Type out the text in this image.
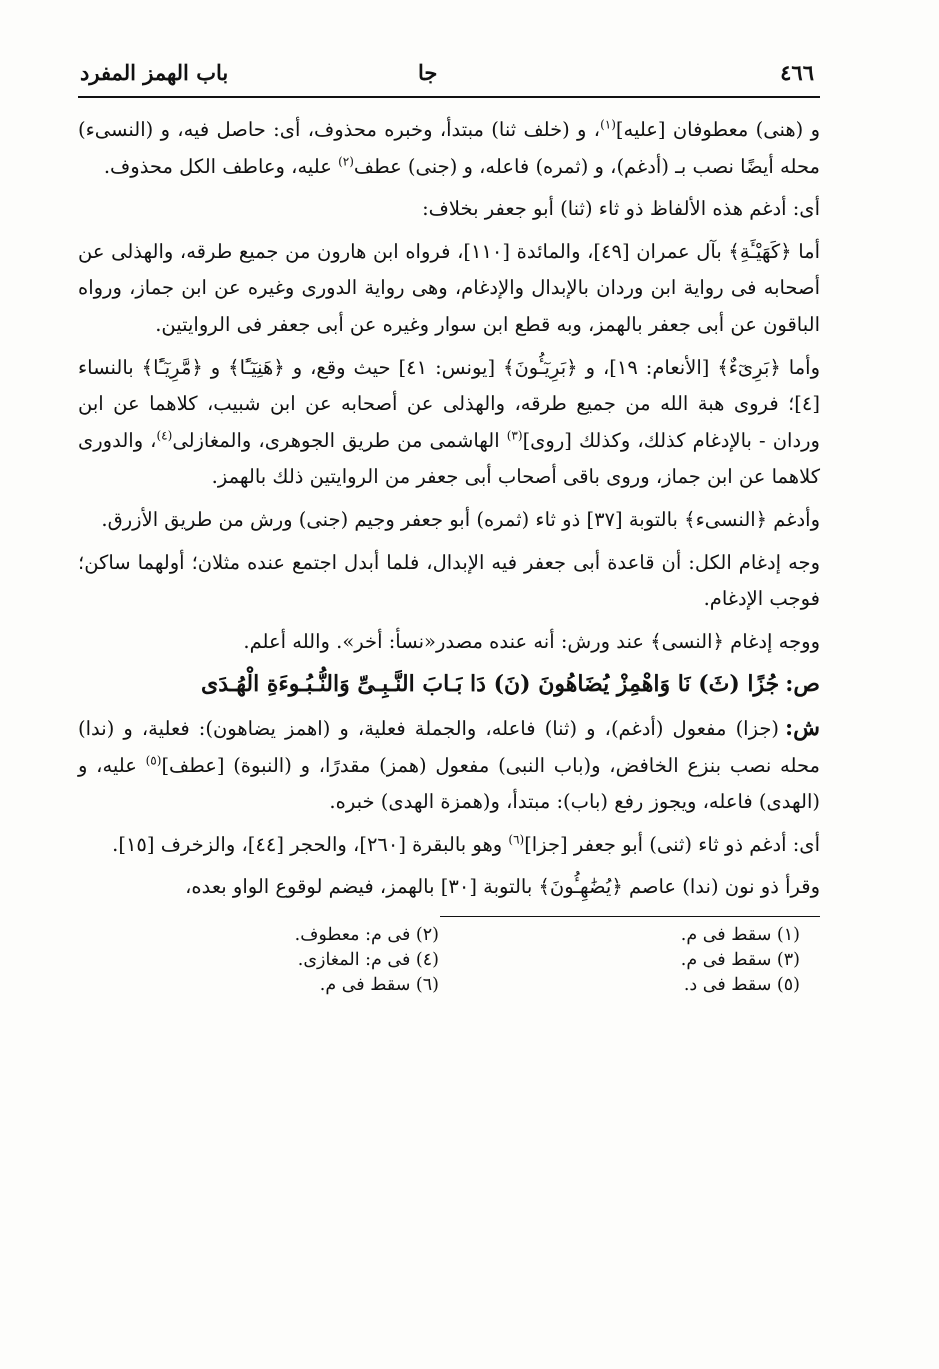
٤٦٦
جا
باب الهمز المفرد

و (هنى) معطوفان [عليه]$^{(١)}$، و (خلف ثنا) مبتدأ، وخبره محذوف، أى: حاصل فيه، و (النسىء) محله أيضًا نصب بـ (أدغم)، و (ثمره) فاعله، و (جنى) عطف$^{(٢)}$ عليه، وعاطف الكل محذوف.

أى: أدغم هذه الألفاظ ذو ثاء (ثنا) أبو جعفر بخلاف:

أما ﴿كَهَيْـَٔةِ﴾ بآل عمران [٤٩]، والمائدة [١١٠]، فرواه ابن هارون من جميع طرقه، والهذلى عن أصحابه فى رواية ابن وردان بالإبدال والإدغام، وهى رواية الدورى وغيره عن ابن جماز، ورواه الباقون عن أبى جعفر بالهمز، وبه قطع ابن سوار وغيره عن أبى جعفر فى الروايتين.

وأما ﴿بَرِىٓءٌ﴾ [الأنعام: ١٩]، و ﴿بَرِيٓـُٔونَ﴾ [يونس: ٤١] حيث وقع، و ﴿هَنِيٓـًٔا﴾ و ﴿مَّرِيٓـًٔا﴾ بالنساء [٤]؛ فروى هبة الله من جميع طرقه، والهذلى عن أصحابه عن ابن شبيب، كلاهما عن ابن وردان - بالإدغام كذلك، وكذلك [روى]$^{(٣)}$ الهاشمى من طريق الجوهرى، والمغازلى$^{(٤)}$، والدورى كلاهما عن ابن جماز، وروى باقى أصحاب أبى جعفر من الروايتين ذلك بالهمز.

وأدغم ﴿النسىء﴾ بالتوبة [٣٧] ذو ثاء (ثمره) أبو جعفر وجيم (جنى) ورش من طريق الأزرق.

وجه إدغام الكل: أن قاعدة أبى جعفر فيه الإبدال، فلما أبدل اجتمع عنده مثلان؛ أولهما ساكن؛ فوجب الإدغام.

ووجه إدغام ﴿النسى﴾ عند ورش: أنه عنده مصدر«نسأ: أخر». والله أعلم.

ص:جُزًا (ثَ) نَا وَاهْمِزْ يُضَاهُونَ (نَ) دَا بَـابَ النَّـبِـىِّ وَالنُّـبُـوءَةِ الْهُـدَى

ش:(جزا) مفعول (أدغم)، و (ثنا) فاعله، والجملة فعلية، و (اهمز يضاهون): فعلية، و (ندا) محله نصب بنزع الخافض، و(باب النبى) مفعول (همز) مقدرًا، و (النبوة) [عطف]$^{(٥)}$ عليه، و (الهدى) فاعله، ويجوز رفع (باب): مبتدأ، و(همزة الهدى) خبره.

أى: أدغم ذو ثاء (ثنى) أبو جعفر [جزا]$^{(٦)}$ وهو بالبقرة [٢٦٠]، والحجر [٤٤]، والزخرف [١٥].

وقرأ ذو نون (ندا) عاصم ﴿يُضَٰهِـُٔونَ﴾ بالتوبة [٣٠] بالهمز، فيضم لوقوع الواو بعده،

(١) سقط فى م.
(٢) فى م: معطوف.
(٣) سقط فى م.
(٤) فى م: المغازى.
(٥) سقط فى د.
(٦) سقط فى م.
